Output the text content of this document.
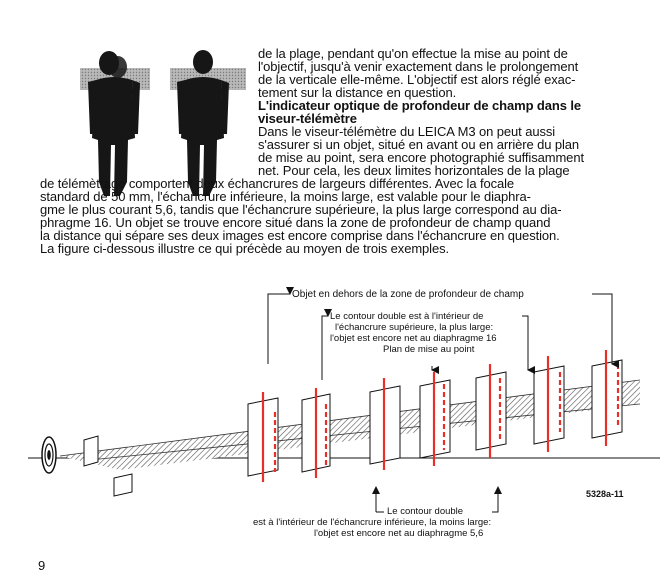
de la plage, pendant qu'on effectue la mise au point de
l'objectif, jusqu'à venir exactement dans le prolongement
de la verticale elle-même. L'objectif est alors réglé exac-
tement sur la distance en question.
L'indicateur optique de profondeur de champ dans le
viseur-télémètre
Dans le viseur-télémètre du LEICA M3 on peut aussi
s'assurer si un objet, situé en avant ou en arrière du plan
de mise au point, sera encore photographié suffisamment
net. Pour cela, les deux limites horizontales de la plage
de télémètrage comportent deux échancrures de largeurs différentes. Avec la focale
standard de 50 mm, l'échancrure inférieure, la moins large, est valable pour le diaphra-
gme le plus courant 5,6, tandis que l'échancrure supérieure, la plus large correspond au dia-
phragme 16. Un objet se trouve encore situé dans la zone de profondeur de champ quand
la distance qui sépare ses deux images est encore comprise dans l'échancrure en question.
La figure ci-dessous illustre ce qui précède au moyen de trois exemples.
Objet en dehors de la zone de profondeur de champ
Le contour double est à l'intérieur de
l'échancrure supérieure, la plus large:
l'objet est encore net au diaphragme 16
Plan de mise au point
Le contour double
est à l'intérieur de l'échancrure inférieure, la moins large:
l'objet est encore net au diaphragme 5,6
5328a-11
9
